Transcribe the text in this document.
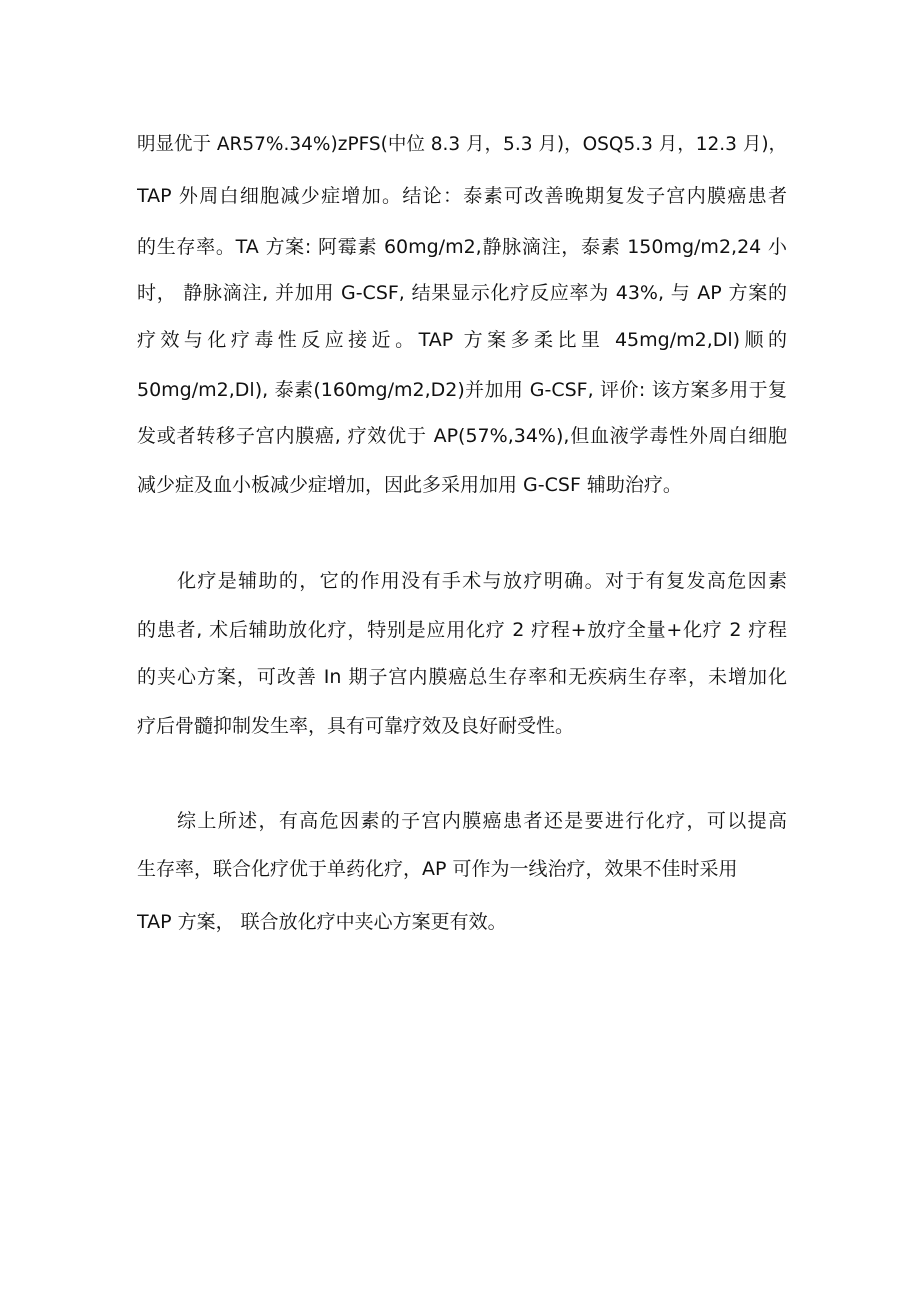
明显优于 AR57%.34%)zPFS(中位 8.3 月，5.3 月)，OSQ5.3 月，12.3 月)，
TAP 外周白细胞减少症增加。结论：泰素可改善晚期复发子宫内膜癌患者
的生存率。TA 方案: 阿霉素 60mg/m2,静脉滴注，泰素 150mg/m2,24 小
时， 静脉滴注, 并加用 G-CSF, 结果显示化疗反应率为 43%, 与 AP 方案的
疗效与化疗毒性反应接近。TAP 方案多柔比里 45mg/m2,Dl)顺的
50mg/m2,Dl), 泰素(160mg/m2,D2)并加用 G-CSF, 评价: 该方案多用于复
发或者转移子宫内膜癌, 疗效优于 AP(57%,34%),但血液学毒性外周白细胞
减少症及血小板减少症增加，因此多采用加用 G-CSF 辅助治疗。
化疗是辅助的，它的作用没有手术与放疗明确。对于有复发高危因素
的患者, 术后辅助放化疗，特别是应用化疗 2 疗程+放疗全量+化疗 2 疗程
的夹心方案，可改善 In 期子宫内膜癌总生存率和无疾病生存率，未增加化
疗后骨髓抑制发生率，具有可靠疗效及良好耐受性。
综上所述，有高危因素的子宫内膜癌患者还是要进行化疗，可以提高
生存率，联合化疗优于单药化疗，AP 可作为一线治疗，效果不佳时采用
TAP 方案， 联合放化疗中夹心方案更有效。
